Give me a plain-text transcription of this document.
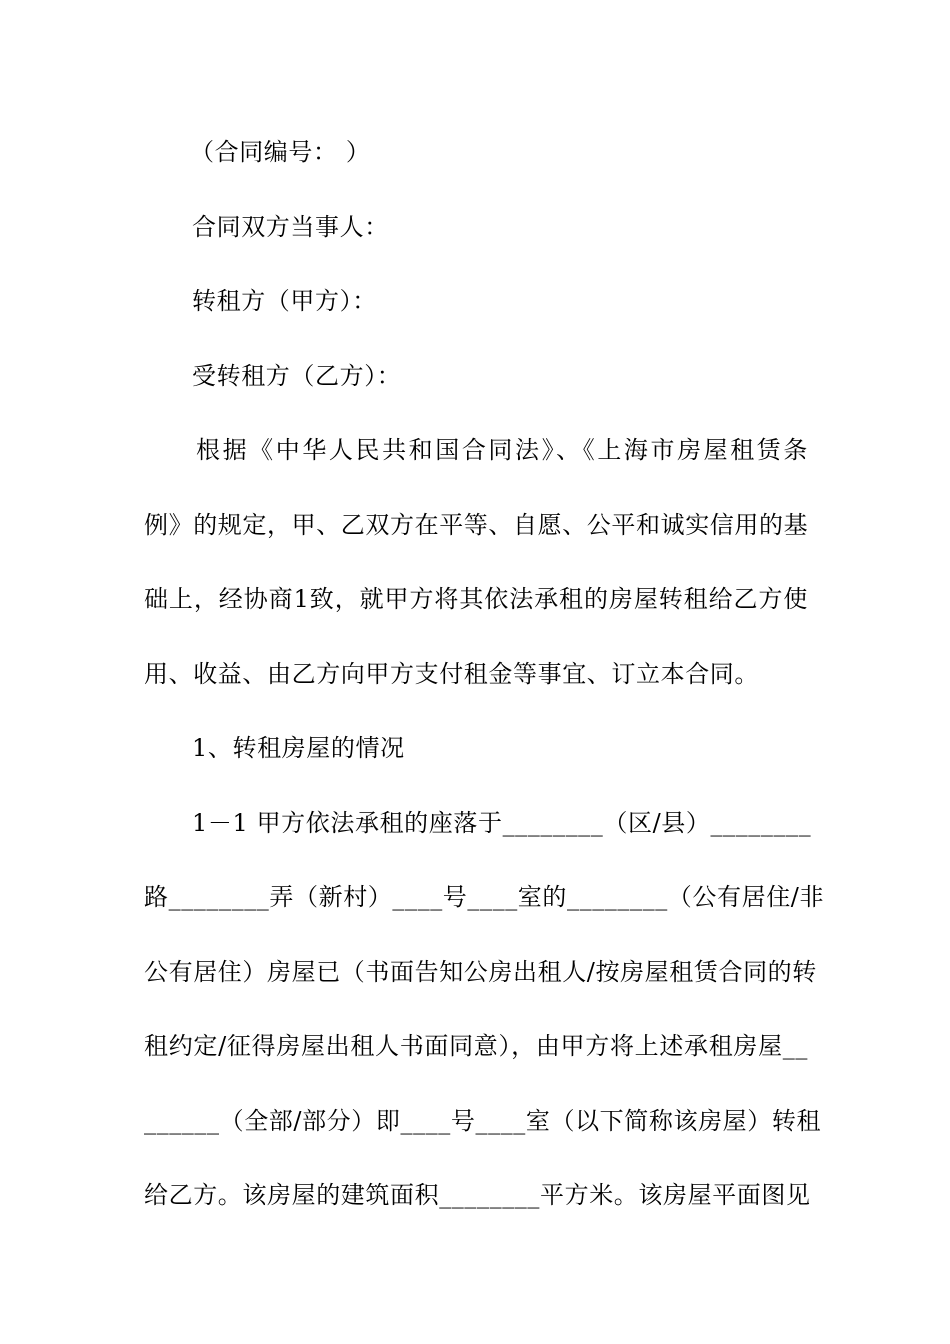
（合同编号： ）
合同双方当事人：
转租方（甲方）：
受转租方（乙方）：
根据《中华人民共和国合同法》、《上海市房屋租赁条
例》的规定，甲、乙双方在平等、自愿、公平和诚实信用的基
础上，经协商1致，就甲方将其依法承租的房屋转租给乙方使
用、收益、由乙方向甲方支付租金等事宜、订立本合同。
1、转租房屋的情况
1－1 甲方依法承租的座落于________（区/县）________
路________弄（新村）____号____室的________（公有居住/非
公有居住）房屋已（书面告知公房出租人/按房屋租赁合同的转
租约定/征得房屋出租人书面同意），由甲方将上述承租房屋__
______（全部/部分）即____号____室（以下简称该房屋）转租
给乙方。该房屋的建筑面积________平方米。该房屋平面图见
